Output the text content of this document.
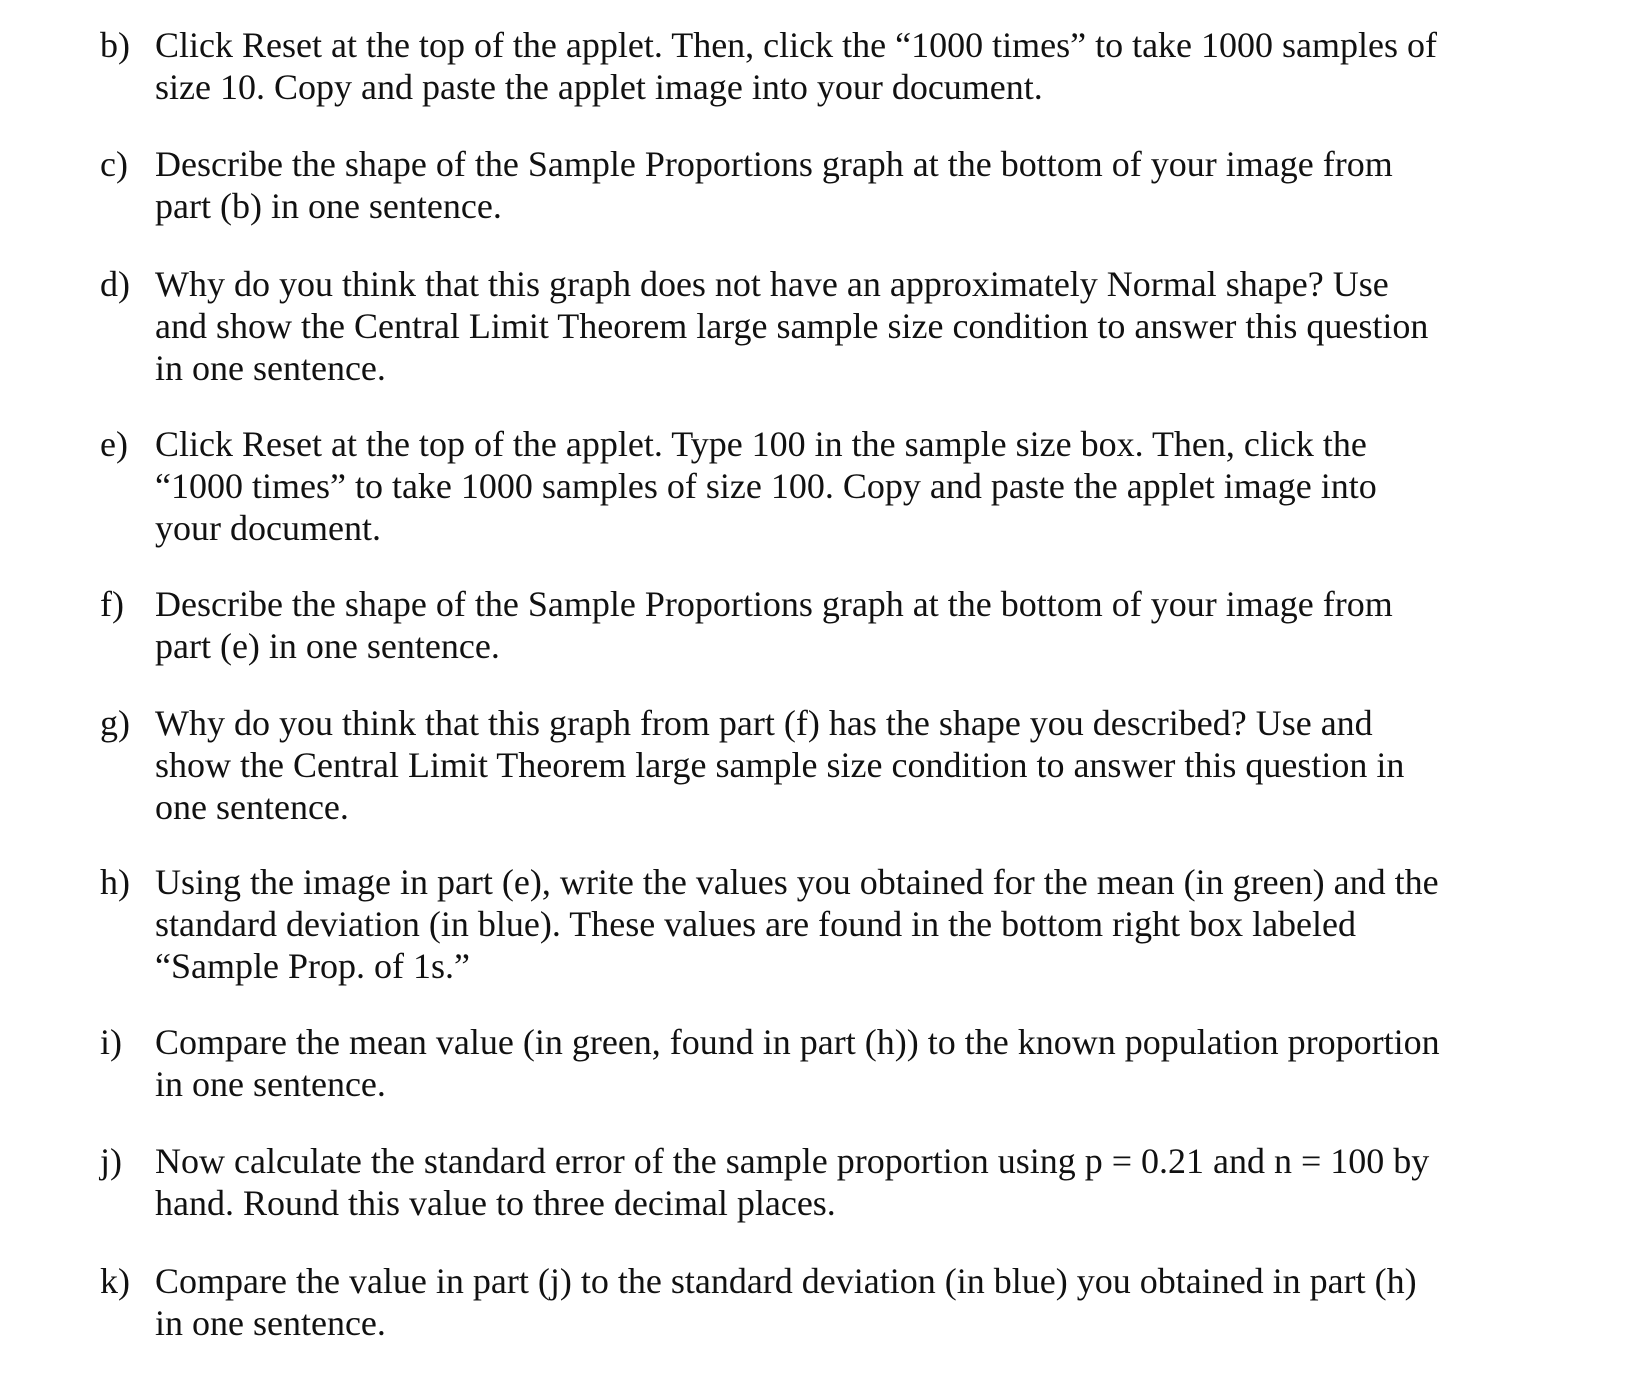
b) Click Reset at the top of the applet. Then, click the “1000 times” to take 1000 samples of
size 10. Copy and paste the applet image into your document.
c) Describe the shape of the Sample Proportions graph at the bottom of your image from
part (b) in one sentence.
d) Why do you think that this graph does not have an approximately Normal shape? Use
and show the Central Limit Theorem large sample size condition to answer this question
in one sentence.
e) Click Reset at the top of the applet. Type 100 in the sample size box. Then, click the
“1000 times” to take 1000 samples of size 100. Copy and paste the applet image into
your document.
f) Describe the shape of the Sample Proportions graph at the bottom of your image from
part (e) in one sentence.
g) Why do you think that this graph from part (f) has the shape you described? Use and
show the Central Limit Theorem large sample size condition to answer this question in
one sentence.
h) Using the image in part (e), write the values you obtained for the mean (in green) and the
standard deviation (in blue). These values are found in the bottom right box labeled
“Sample Prop. of 1s.”
i) Compare the mean value (in green, found in part (h)) to the known population proportion
in one sentence.
j) Now calculate the standard error of the sample proportion using p = 0.21 and n = 100 by
hand. Round this value to three decimal places.
k) Compare the value in part (j) to the standard deviation (in blue) you obtained in part (h)
in one sentence.
